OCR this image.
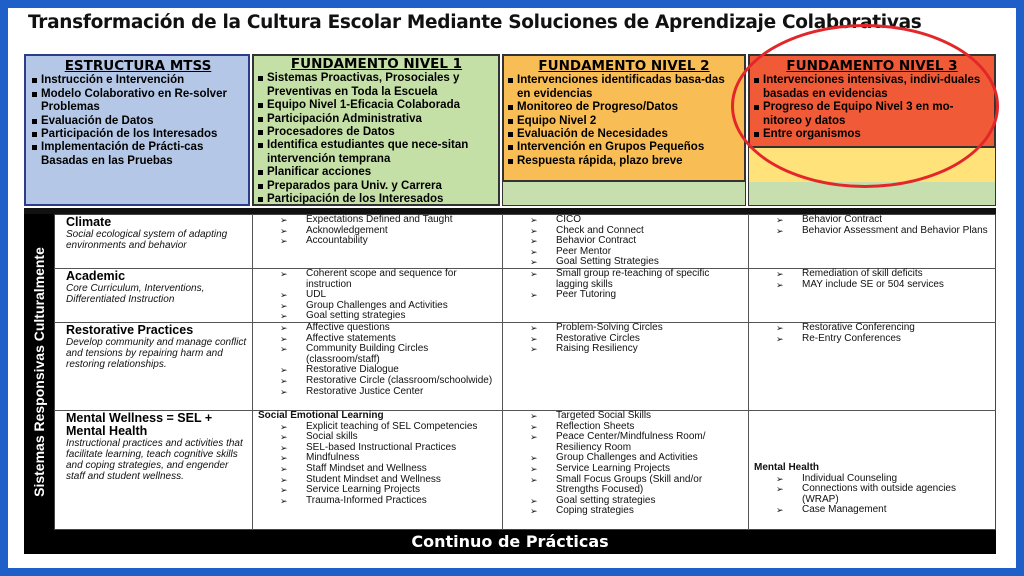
Transformación de la Cultura Escolar Mediante Soluciones de Aprendizaje Colaborativas
ESTRUCTURA MTSS
Instrucción e Intervención
Modelo Colaborativo en Re-solver Problemas
Evaluación de Datos
Participación de los Interesados
Implementación de Prácti-cas Basadas en las Pruebas
FUNDAMENTO NIVEL 1
Sistemas Proactivas, Prosociales y Preventivas en Toda la Escuela
Equipo Nivel 1-Eficacia Colaborada
Participación Administrativa
Procesadores de Datos
Identifica estudiantes que nece-sitan intervención temprana
Planificar acciones
Preparados para Univ. y Carrera
Participación de los Interesados
FUNDAMENTO NIVEL 2
Intervenciones identificadas basa-das en evidencias
Monitoreo de Progreso/Datos
Equipo Nivel 2
Evaluación de Necesidades
Intervención en Grupos Pequeños
Respuesta rápida, plazo breve
FUNDAMENTO NIVEL 3
Intervenciones intensivas, indivi-duales basadas en evidencias
Progreso de Equipo Nivel 3 en mo-nitoreo y datos
Entre organismos
Sistemas Responsivas Culturalmente
Climate
Social ecological system of adapting environments and behavior
➢ Expectations Defined and Taught
➢ Acknowledgement
➢ Accountability
➢ CICO
➢ Check and Connect
➢ Behavior Contract
➢ Peer Mentor
➢ Goal Setting Strategies
➢ Behavior Contract
➢ Behavior Assessment and Behavior Plans
Academic
Core Curriculum, Interventions, Differentiated Instruction
➢ Coherent scope and sequence for instruction
➢ UDL
➢ Group Challenges and Activities
➢ Goal setting strategies
➢ Small group re-teaching of specific lagging skills
➢ Peer Tutoring
➢ Remediation of skill deficits
➢ MAY include SE or 504 services
Restorative Practices
Develop community and manage conflict and tensions by repairing harm and restoring relationships.
➢ Affective questions
➢ Affective statements
➢ Community Building Circles (classroom/staff)
➢ Restorative Dialogue
➢ Restorative Circle (classroom/schoolwide)
➢ Restorative Justice Center
➢ Problem-Solving Circles
➢ Restorative Circles
➢ Raising Resiliency
➢ Restorative Conferencing
➢ Re-Entry Conferences
Mental Wellness = SEL + Mental Health
Instructional practices and activities that facilitate learning, teach cognitive skills and coping strategies, and engender staff and student wellness.
Social Emotional Learning
➢ Explicit teaching of SEL Competencies
➢ Social skills
➢ SEL-based Instructional Practices
➢ Mindfulness
➢ Staff Mindset and Wellness
➢ Student Mindset and Wellness
➢ Service Learning Projects
➢ Trauma-Informed Practices
➢ Targeted Social Skills
➢ Reflection Sheets
➢ Peace Center/Mindfulness Room/ Resiliency Room
➢ Group Challenges and Activities
➢ Service Learning Projects
➢ Small Focus Groups (Skill and/or Strengths Focused)
➢ Goal setting strategies
➢ Coping strategies
Mental Health
➢ Individual Counseling
➢ Connections with outside agencies (WRAP)
➢ Case Management
Continuo de Prácticas
